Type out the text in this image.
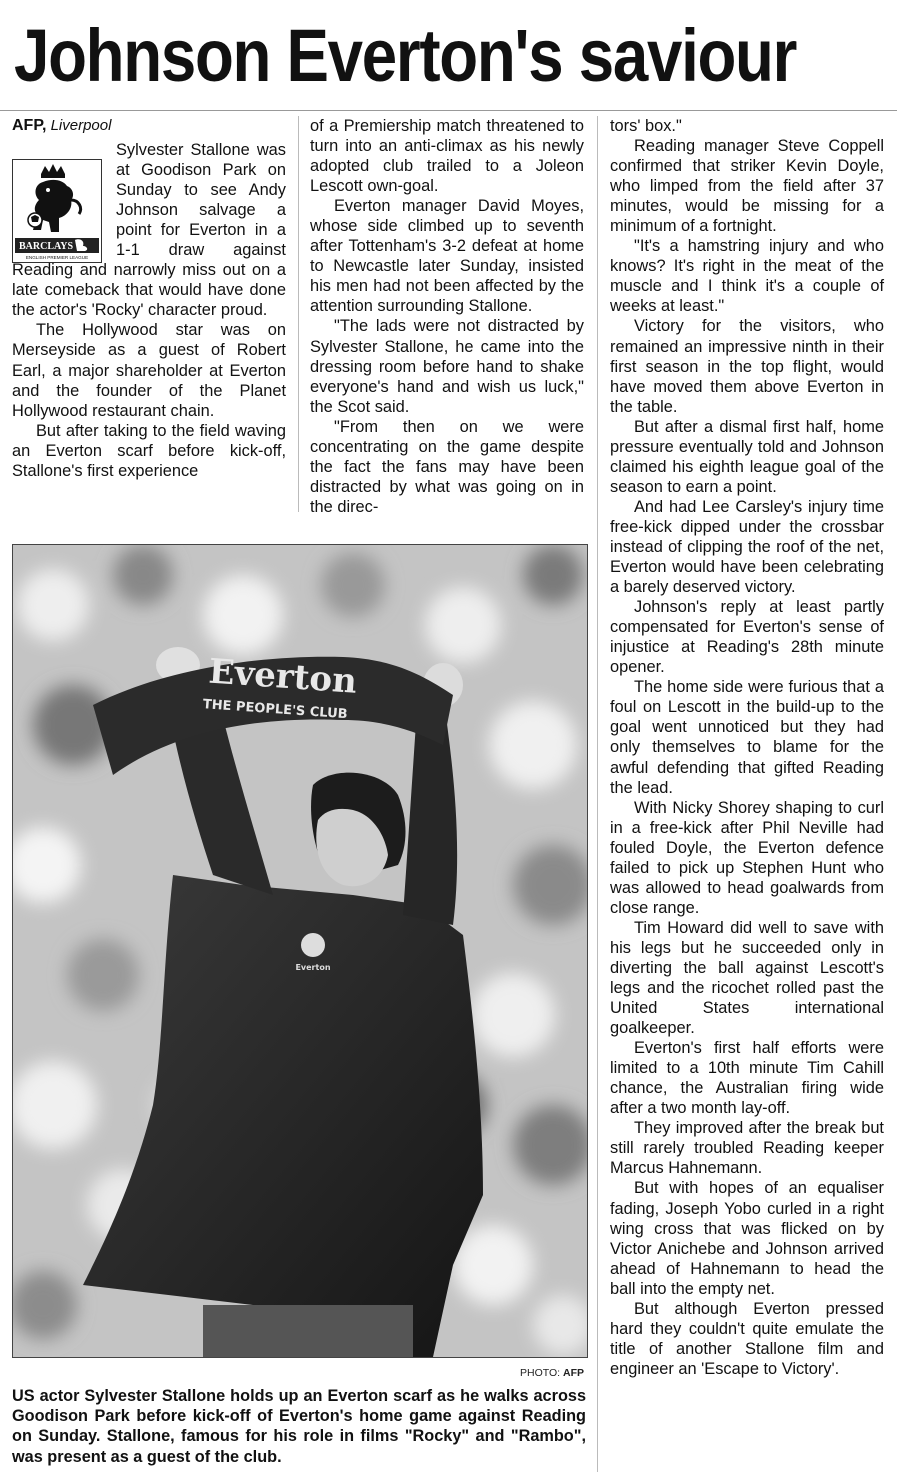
Johnson Everton's saviour
AFP, Liverpool
BARCLAYS
ENGLISH PREMIER LEAGUE

Sylvester Stallone was at Goodison Park on Sunday to see Andy Johnson salvage a point for Everton in a 1-1 draw against Reading and narrowly miss out on a late comeback that would have done the actor's 'Rocky' character proud.

The Hollywood star was on Merseyside as a guest of Robert Earl, a major shareholder at Everton and the founder of the Planet Hollywood restaurant chain.

But after taking to the field waving an Everton scarf before kick-off, Stallone's first experience

of a Premiership match threatened to turn into an anti-climax as his newly adopted club trailed to a Joleon Lescott own-goal.

Everton manager David Moyes, whose side climbed up to seventh after Tottenham's 3-2 defeat at home to Newcastle later Sunday, insisted his men had not been affected by the attention surrounding Stallone.

"The lads were not distracted by Sylvester Stallone, he came into the dressing room before hand to shake everyone's hand and wish us luck," the Scot said.

"From then on we were concentrating on the game despite the fact the fans may have been distracted by what was going on in the direc-

tors' box."

Reading manager Steve Coppell confirmed that striker Kevin Doyle, who limped from the field after 37 minutes, would be missing for a minimum of a fortnight.

"It's a hamstring injury and who knows? It's right in the meat of the muscle and I think it's a couple of weeks at least."

Victory for the visitors, who remained an impressive ninth in their first season in the top flight, would have moved them above Everton in the table.

But after a dismal first half, home pressure eventually told and Johnson claimed his eighth league goal of the season to earn a point.

And had Lee Carsley's injury time free-kick dipped under the crossbar instead of clipping the roof of the net, Everton would have been celebrating a barely deserved victory.

Johnson's reply at least partly compensated for Everton's sense of injustice at Reading's 28th minute opener.

The home side were furious that a foul on Lescott in the build-up to the goal went unnoticed but they had only themselves to blame for the awful defending that gifted Reading the lead.

With Nicky Shorey shaping to curl in a free-kick after Phil Neville had fouled Doyle, the Everton defence failed to pick up Stephen Hunt who was allowed to head goalwards from close range.

Tim Howard did well to save with his legs but he succeeded only in diverting the ball against Lescott's legs and the ricochet rolled past the United States international goalkeeper.

Everton's first half efforts were limited to a 10th minute Tim Cahill chance, the Australian firing wide after a two month lay-off.

They improved after the break but still rarely troubled Reading keeper Marcus Hahnemann.

But with hopes of an equaliser fading, Joseph Yobo curled in a right wing cross that was flicked on by Victor Anichebe and Johnson arrived ahead of Hahnemann to head the ball into the empty net.

But although Everton pressed hard they couldn't quite emulate the title of another Stallone film and engineer an 'Escape to Victory'.

Everton
THE PEOPLE'S CLUB
Everton
PHOTO: AFP
US actor Sylvester Stallone holds up an Everton scarf as he walks across Goodison Park before kick-off of Everton's home game against Reading on Sunday. Stallone, famous for his role in films "Rocky" and "Rambo", was present as a guest of the club.
